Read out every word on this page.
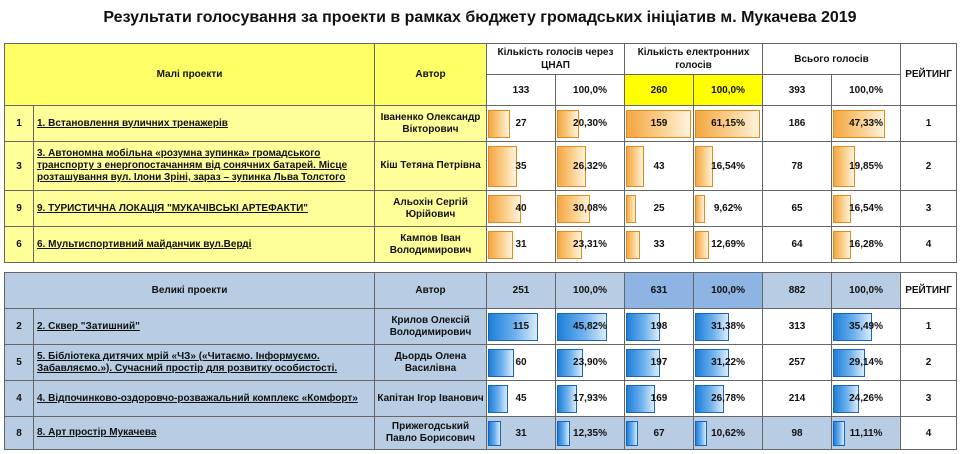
Результати голосування за проекти в рамках бюджету громадських ініціатив м. Мукачева 2019
Малі проекти		Автор	Кількість голосів через ЦНАП		Кількість електронних голосів		Всього голосів		РЕЙТИНГ
			133	100,0%	260	100,0%	393	100,0%	
1	1. Встановлення вуличних тренажерів	Іваненко Олександр Вікторович	27	20,30%	159	61,15%	186	47,33%	1
3	3. Автономна мобільна «розумна зупинка» громадського транспорту з енергопостачанням від сонячних батарей. Місце розташування вул. Ілони Зріні, зараз – зупинка Льва Толстого	Кіш Тетяна Петрівна	35	26,32%	43	16,54%	78	19,85%	2
9	9. ТУРИСТИЧНА ЛОКАЦІЯ "МУКАЧІВСЬКІ АРТЕФАКТИ"	Альохін Сергій Юрійович	40	30,08%	25	9,62%	65	16,54%	3
6	6. Мультиспортивний майданчик вул.Верді	Кампов Іван Володимирович	31	23,31%	33	12,69%	64	16,28%	4

Великі проекти		Автор	251	100,0%	631	100,0%	882	100,0%	РЕЙТИНГ
2	2. Сквер "Затишний"	Крилов Олексій Володимирович	115	45,82%	198	31,38%	313	35,49%	1
5	5. Бібліотека дитячих мрій «ЧЗ» («Читаємо. Інформуємо. Забавляємо.»). Сучасний простір для розвитку особистості.	Дьордь Олена Василівна	60	23,90%	197	31,22%	257	29,14%	2
4	4. Відпочинково-оздоровчо-розважальний комплекс «Комфорт»	Капітан Ігор Іванович	45	17,93%	169	26,78%	214	24,26%	3
8	8. Арт простір Мукачева	Прижегодський Павло Борисович	31	12,35%	67	10,62%	98	11,11%	4
